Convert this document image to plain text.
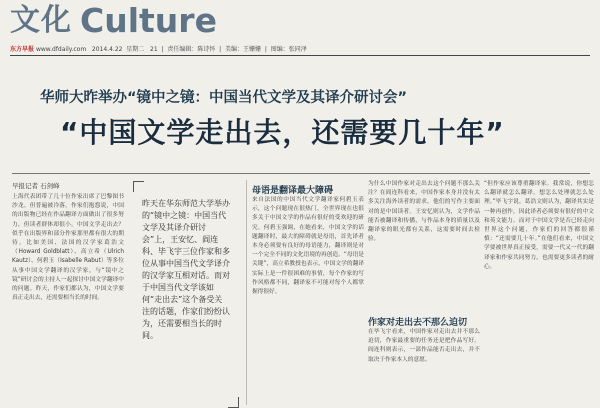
文化 Culture
东方早报 www.dfdaily.com 2014.4.22 星期二 21  |  责任编辑：陈诗怀  |  美编：王姗姗  |  图编：张同泽
华师大昨举办“镜中之镜：中国当代文学及其译介研讨会”
“中国文学走出去，还需要几十年”
早报记者 石剑峰
上海代表团带了几十位作家出席了巴黎图书沙龙。但普遍被冷落。作家们抱怨说，中国的出版物已经在作品翻译方面做出了很多努力，但读者群体却很小。中国文学走出去？似乎在出版界和部分作家那里都有很大的期待。比如美国、法国的汉学家葛浩文（Howard Goldblatt）、高立希（Ulrich Kautz）、何碧玉（Isabelle Rabut）等多位从事中国文学翻译的汉学家，与“镜中之镜”研讨会的主持人一起探讨中国文学翻译中的问题。昨天，作家们都认为，中国文学要真正走出去，还需要相当长的时间。
昨天在华东师范大学举办的“镜中之镜：中国当代文学及其译介研讨会”上，王安忆、阎连科、毕飞宇三位作家和多位从事中国当代文学译介的汉学家互相对话。而对于中国当代文学该如何“走出去”这个备受关注的话题，作家们纷纷认为，还需要相当长的时间。
母语是翻译最大障碍
来自法国的中国当代文学翻译家何碧玉表示，这个问题现在很热门，全世界现在也很多关于中国文学的作品有很好的受欢迎的研究。何碧玉强调，在她看来，中国文学的话题翻译时，最大的障碍就是母语，首先译者本身必须要有良好的母语能力，翻译则是对一个完全不同的文化语境的再创造。“母语是关键”，高立希教授也表示，中国文学的翻译实际上是一件很困难的事情，每个作家的写作风格都不同，翻译家不可能对每个人都掌握得很好。
为什么中国作家对走出去这个问题不那么关注？在阎连科看来，中国作家本身并没有太多关注海外读者的需求，他们的写作主要面对的是中国读者。王安忆则认为，文学作品能否被翻译和传播，与作品本身的质量以及翻译家的眼光都有关系，这需要时间去检验。
作家对走出去不那么迫切
在毕飞宇看来，中国作家对走出去并不那么迫切，作家最重要的任务还是把作品写好。阎连科则表示，一部作品能否走出去，并不取决于作家本人的意愿。
“但作家应该尊重翻译家。我常说，你想怎么翻译就怎么翻译，想怎么处理就怎么处理。”毕飞宇说。葛浩文则认为，翻译其实是一种再创作，因此译者必须要有很好的中文和英文能力。而对于中国文学是否已经走向世界这个问题，作家们的回答都很谨慎：“还需要几十年。”在他们看来，中国文学要被世界真正接受，需要一代又一代的翻译家和作家共同努力，也需要更多读者的耐心。
